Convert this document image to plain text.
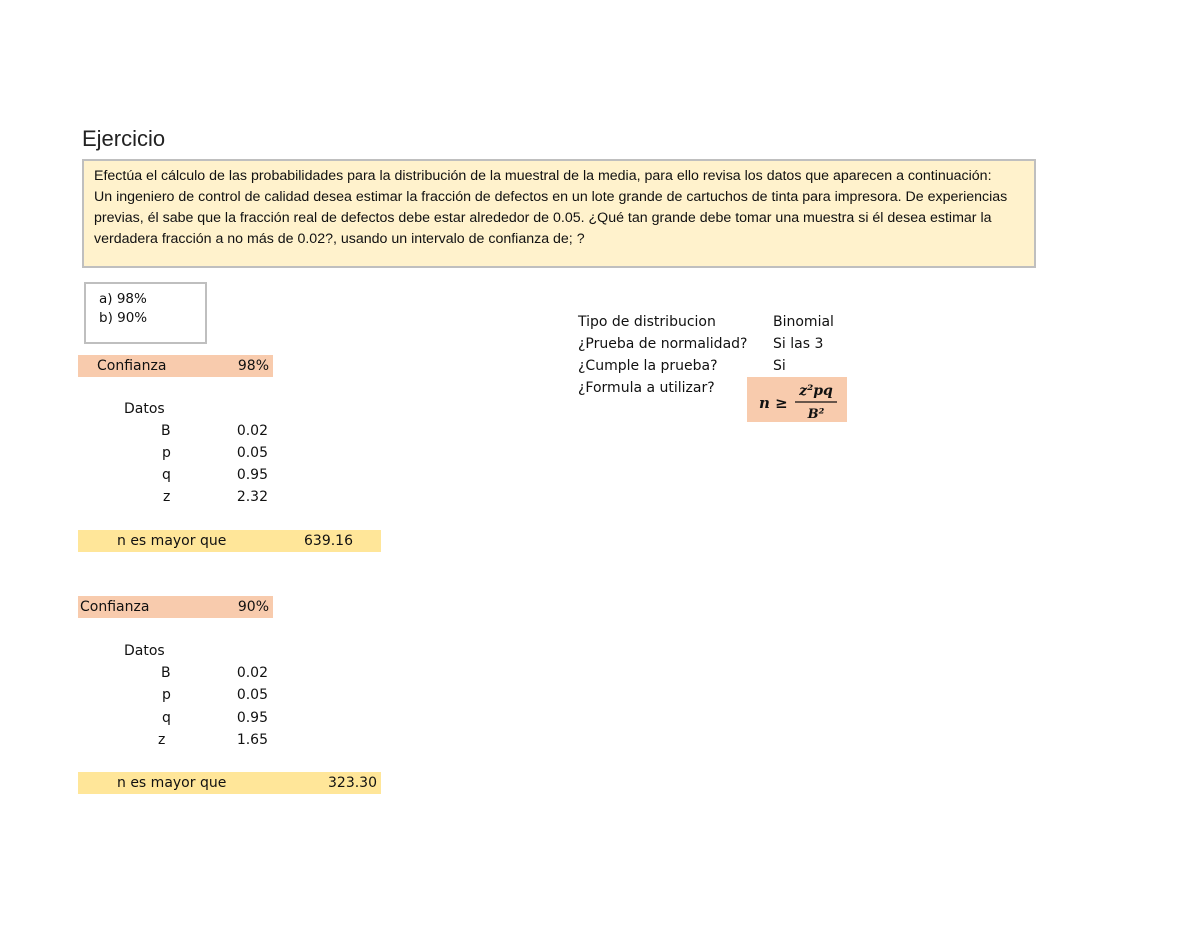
Ejercicio

Efectúa el cálculo de las probabilidades para la distribución de la muestral de la media, para ello revisa los datos que aparecen a continuación:

Un ingeniero de control de calidad desea estimar la fracción de defectos en un lote grande de cartuchos de tinta para impresora. De experiencias previas, él sabe que la fracción real de defectos debe estar alrededor de 0.05. ¿Qué tan grande debe tomar una muestra si él desea estimar la verdadera fracción a no más de 0.02?, usando un intervalo de confianza de; ?

a) 98%
b) 90%
Confianza	98%
Datos
B	0.02
p	0.05
q	0.95
z	2.32
n es mayor que	639.16
Confianza	90%
Datos
B	0.02
p	0.05
q	0.95
z	1.65
n es mayor que	323.30
Tipo de distribucion	Binomial
¿Prueba de normalidad? Si las 3
¿Cumple la prueba?	Si
¿Formula a utilizar?
n ≥
z²pq
B²
